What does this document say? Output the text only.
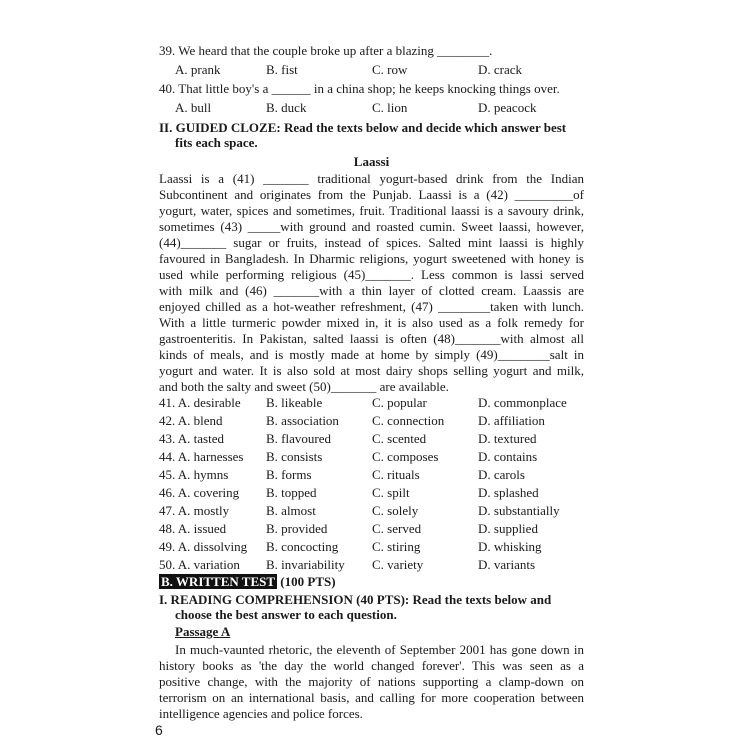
39. We heard that the couple broke up after a blazing ________.
A. prank	B. fist	C. row	D. crack
40. That little boy's a ______ in a china shop; he keeps knocking things over.
A. bull	B. duck	C. lion	D. peacock
II. GUIDED CLOZE: Read the texts below and decide which answer best
fits each space.
Laassi
Laassi is a (41) _______ traditional yogurt-based drink from the Indian
Subcontinent and originates from the Punjab. Laassi is a (42) _________of
yogurt, water, spices and sometimes, fruit. Traditional laassi is a savoury drink,
sometimes (43) _____with ground and roasted cumin. Sweet laassi, however,
(44)_______ sugar or fruits, instead of spices. Salted mint laassi is highly
favoured in Bangladesh. In Dharmic religions, yogurt sweetened with honey is
used while performing religious (45)_______. Less common is lassi served
with milk and (46) _______with a thin layer of clotted cream. Laassis are
enjoyed chilled as a hot-weather refreshment, (47) ________taken with lunch.
With a little turmeric powder mixed in, it is also used as a folk remedy for
gastroenteritis. In Pakistan, salted laassi is often (48)_______with almost all
kinds of meals, and is mostly made at home by simply (49)________salt in
yogurt and water. It is also sold at most dairy shops selling yogurt and milk,
and both the salty and sweet (50)_______ are available.
41. A. desirable B. likeable	C. popular	D. commonplace
42. A. blend	B. association	C. connection	D. affiliation
43. A. tasted	B. flavoured	C. scented	D. textured
44. A. harnesses B. consists	C. composes	D. contains
45. A. hymns	B. forms	C. rituals	D. carols
46. A. covering B. topped	C. spilt	D. splashed
47. A. mostly	B. almost	C. solely	D. substantially
48. A. issued	B. provided	C. served	D. supplied
49. A. dissolving B. concocting	C. stiring	D. whisking
50. A. variation B. invariability C. variety	D. variants
B. WRITTEN TEST (100 PTS)
I. READING COMPREHENSION (40 PTS): Read the texts below and
choose the best answer to each question.
Passage A
In much-vaunted rhetoric, the eleventh of September 2001 has gone down in
history books as 'the day the world changed forever'. This was seen as a
positive change, with the majority of nations supporting a clamp-down on
terrorism on an international basis, and calling for more cooperation between
intelligence agencies and police forces.
6
